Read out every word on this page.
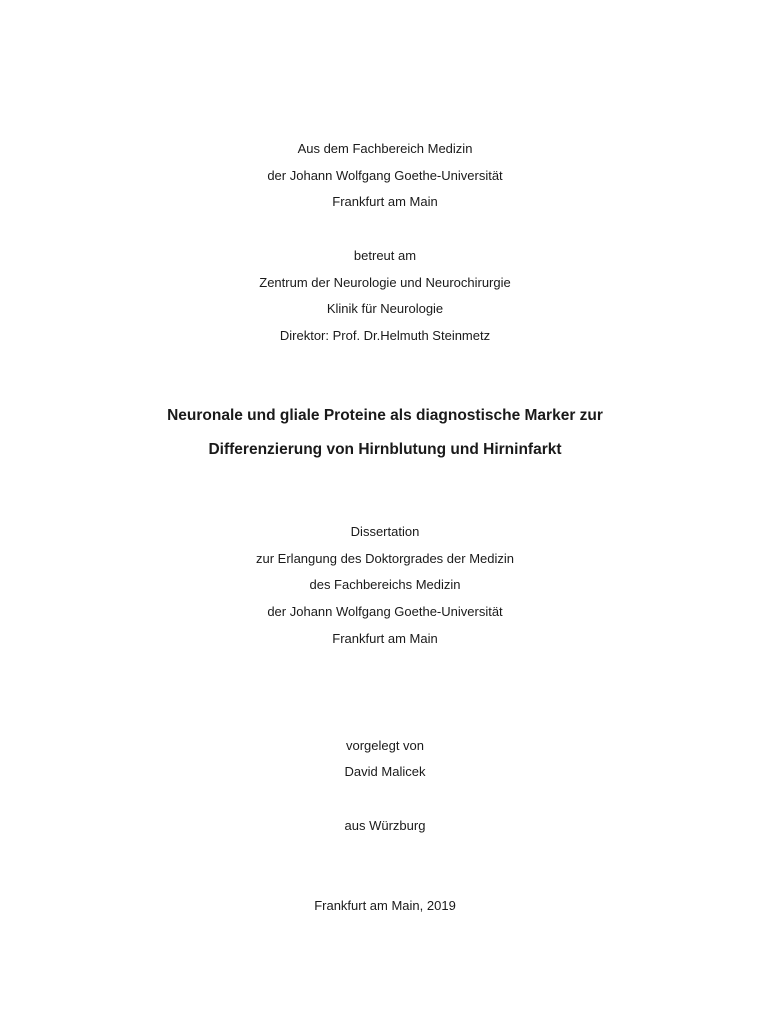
Aus dem Fachbereich Medizin
der Johann Wolfgang Goethe-Universität
Frankfurt am Main
betreut am
Zentrum der Neurologie und Neurochirurgie
Klinik für Neurologie
Direktor: Prof. Dr.Helmuth Steinmetz
Neuronale und gliale Proteine als diagnostische Marker zur
Differenzierung von Hirnblutung und Hirninfarkt
Dissertation
zur Erlangung des Doktorgrades der Medizin
des Fachbereichs Medizin
der Johann Wolfgang Goethe-Universität
Frankfurt am Main
vorgelegt von
David Malicek
aus Würzburg
Frankfurt am Main, 2019
